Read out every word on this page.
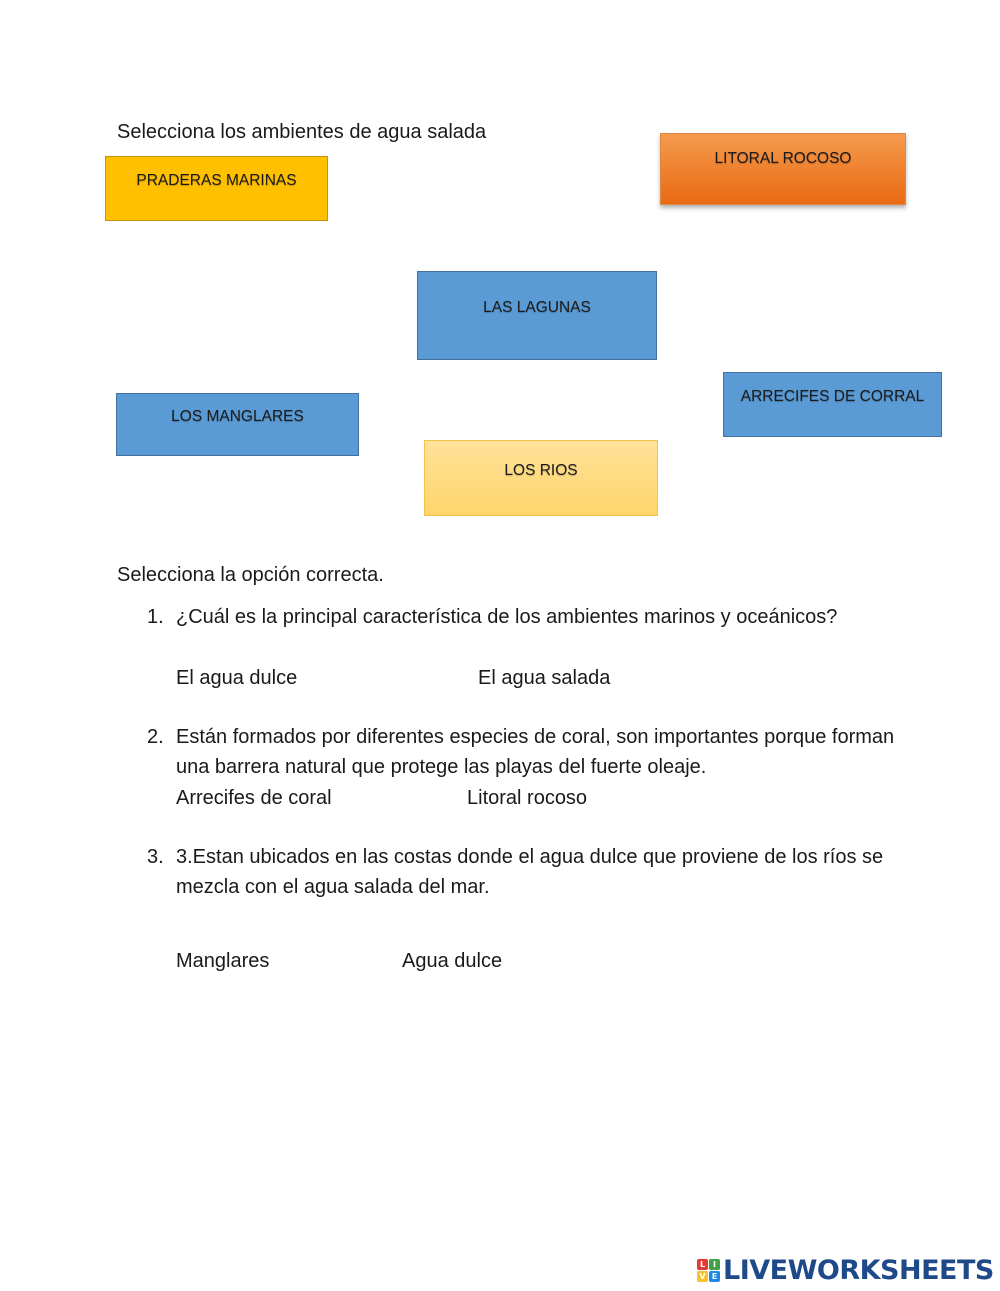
Selecciona los ambientes de agua salada
PRADERAS MARINAS
LITORAL ROCOSO
LAS LAGUNAS
ARRECIFES DE CORRAL
LOS MANGLARES
LOS RIOS
Selecciona la opción correcta.
1. ¿Cuál es la principal característica de los ambientes marinos y oceánicos?
El agua dulce	El agua salada
2. Están formados por diferentes especies de coral, son importantes porque forman una barrera natural que protege las playas del fuerte oleaje.
Arrecifes de coral	Litoral rocoso
3. 3.Estan ubicados en las costas donde el agua dulce que proviene de los ríos se mezcla con el agua salada del mar.
Manglares	Agua dulce
L I
V E LIVEWORKSHEETS
